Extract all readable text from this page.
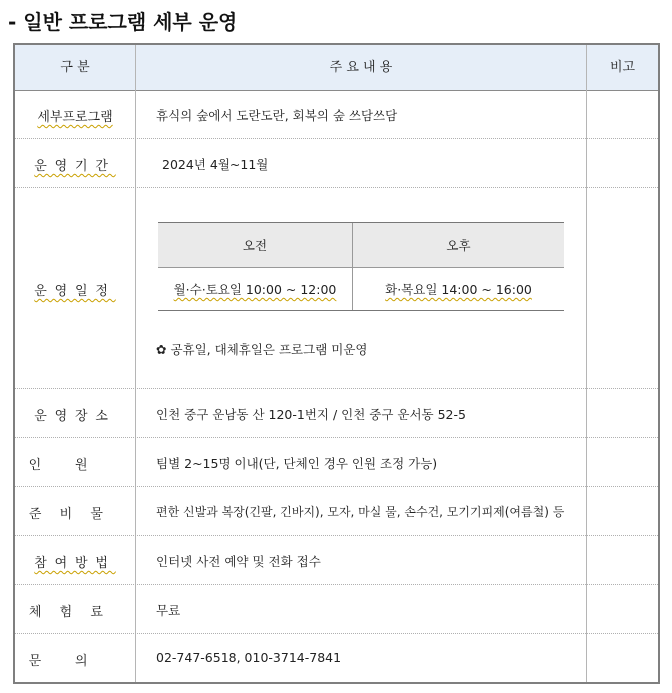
- 일반 프로그램 세부 운영
구 분	주 요 내 용	비고
세부프로그램	휴식의 숲에서 도란도란, 회복의 숲 쓰담쓰담
운영기간	2024년 4월~11월
운영일정
오전	오후
월·수·토요일 10:00 ~ 12:00	화·목요일 14:00 ~ 16:00
✿ 공휴일, 대체휴일은 프로그램 미운영
운영장소	인천 중구 운남동 산 120-1번지 / 인천 중구 운서동 52-5
인원	팀별 2~15명 이내(단, 단체인 경우 인원 조정 가능)
준비물	편한 신발과 복장(긴팔, 긴바지), 모자, 마실 물, 손수건, 모기기피제(여름철) 등
참여방법	인터넷 사전 예약 및 전화 접수
체험료	무료
문의	02-747-6518, 010-3714-7841
